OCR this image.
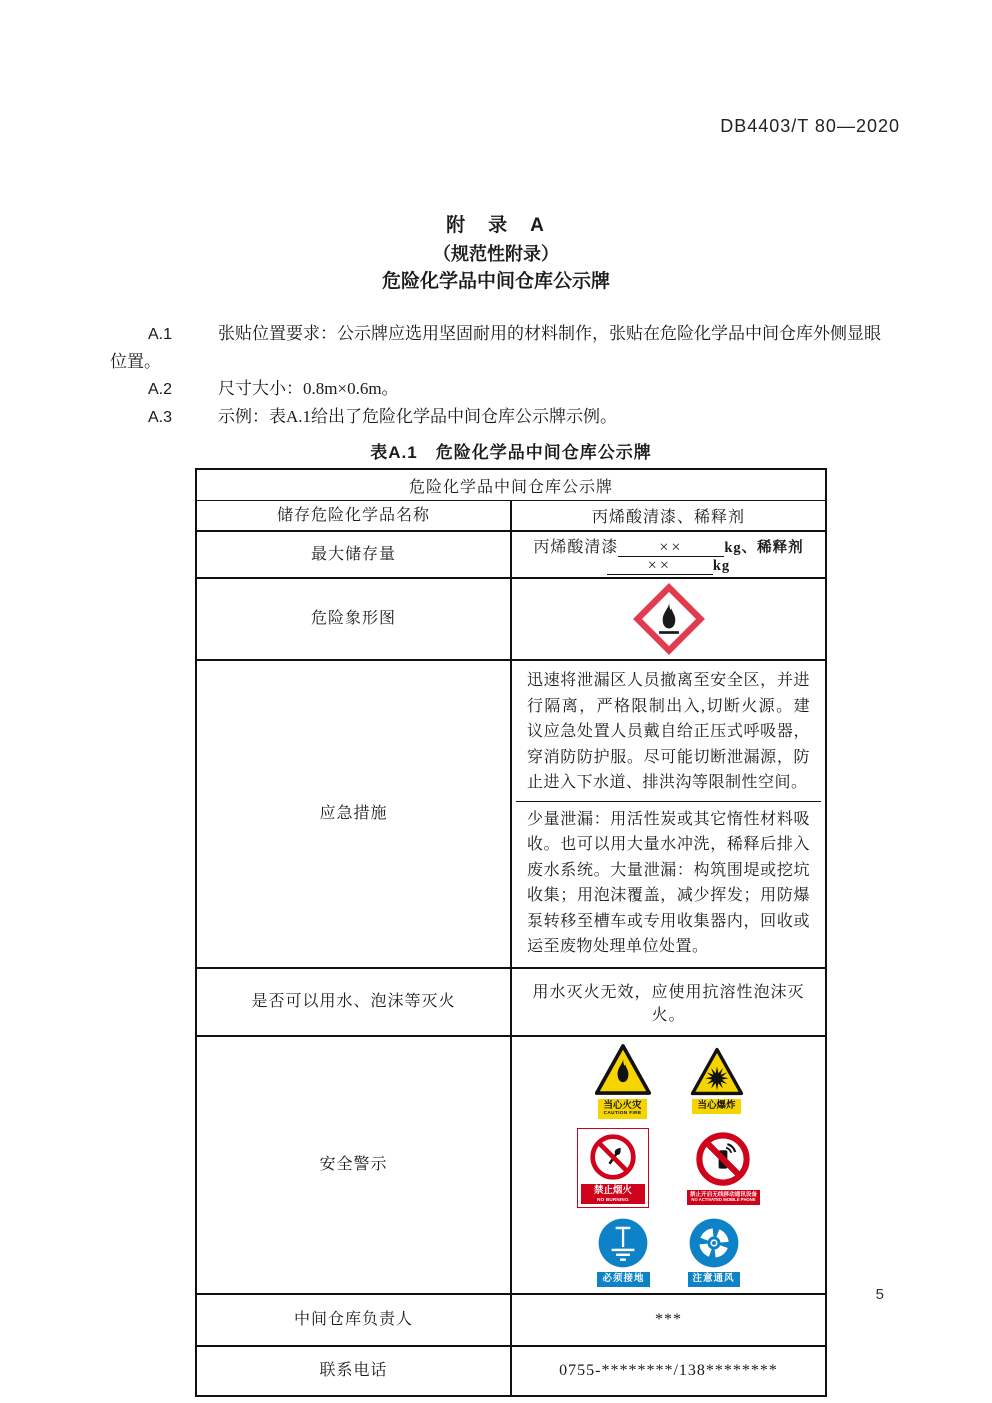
DB4403/T 80—2020
附　录　A
（规范性附录）
危险化学品中间仓库公示牌

A.1	张贴位置要求：公示牌应选用坚固耐用的材料制作，张贴在危险化学品中间仓库外侧显眼位置。

A.2	尺寸大小：0.8m×0.6m。

A.3	示例：表A.1给出了危险化学品中间仓库公示牌示例。

表A.1　危险化学品中间仓库公示牌
危险化学品中间仓库公示牌	
储存危险化学品名称	丙烯酸清漆、稀释剂
最大储存量	丙烯酸清漆 ×× kg、稀释剂×× kg
危险象形图	

应急措施	迅速将泄漏区人员撤离至安全区，并进行隔离，严格限制出入,切断火源。建议应急处置人员戴自给正压式呼吸器，穿消防防护服。尽可能切断泄漏源，防止进入下水道、排洪沟等限制性空间。
少量泄漏：用活性炭或其它惰性材料吸收。也可以用大量水冲洗，稀释后排入废水系统。大量泄漏：构筑围堤或挖坑收集；用泡沫覆盖，减少挥发；用防爆泵转移至槽车或专用收集器内，回收或运至废物处理单位处置。

是否可以用水、泡沫等灭火	用水灭火无效，应使用抗溶性泡沫灭火。
安全警示	
当心火灾
CAUTION FIRE
当心爆炸
禁止烟火
NO BURNING
禁止开启无线移动通讯设备
NO ACTIVATED MOBILE PHONE
必须接地	注意通风

中间仓库负责人	***
联系电话	0755-********/138********
5
